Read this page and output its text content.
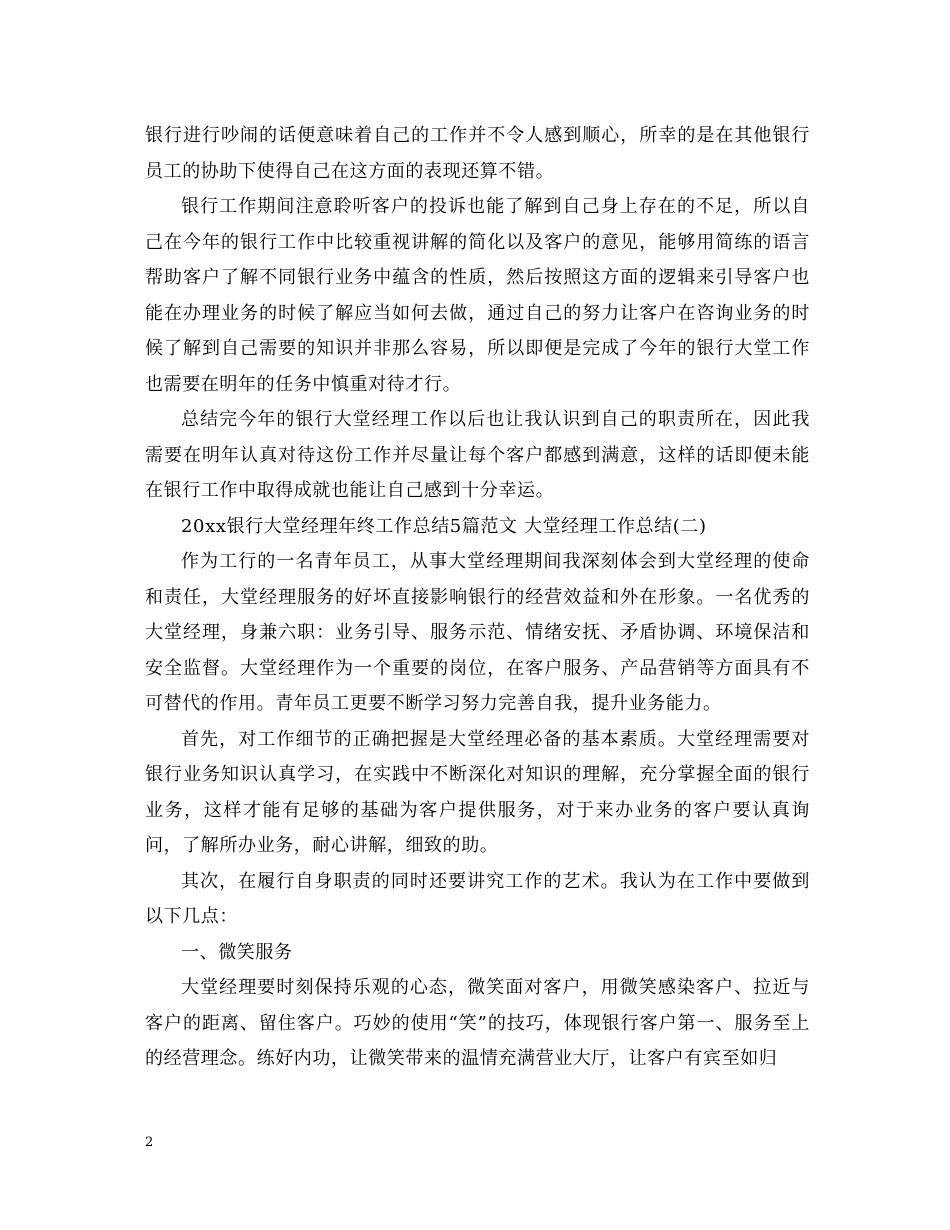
银行进行吵闹的话便意味着自己的工作并不令人感到顺心，所幸的是在其他银行员工的协助下使得自己在这方面的表现还算不错。

银行工作期间注意聆听客户的投诉也能了解到自己身上存在的不足，所以自己在今年的银行工作中比较重视讲解的简化以及客户的意见，能够用简练的语言帮助客户了解不同银行业务中蕴含的性质，然后按照这方面的逻辑来引导客户也能在办理业务的时候了解应当如何去做，通过自己的努力让客户在咨询业务的时候了解到自己需要的知识并非那么容易，所以即便是完成了今年的银行大堂工作也需要在明年的任务中慎重对待才行。

总结完今年的银行大堂经理工作以后也让我认识到自己的职责所在，因此我需要在明年认真对待这份工作并尽量让每个客户都感到满意，这样的话即便未能在银行工作中取得成就也能让自己感到十分幸运。

20xx银行大堂经理年终工作总结5篇范文 大堂经理工作总结(二)

作为工行的一名青年员工，从事大堂经理期间我深刻体会到大堂经理的使命和责任，大堂经理服务的好坏直接影响银行的经营效益和外在形象。一名优秀的大堂经理，身兼六职：业务引导、服务示范、情绪安抚、矛盾协调、环境保洁和安全监督。大堂经理作为一个重要的岗位，在客户服务、产品营销等方面具有不可替代的作用。青年员工更要不断学习努力完善自我，提升业务能力。

首先，对工作细节的正确把握是大堂经理必备的基本素质。大堂经理需要对银行业务知识认真学习，在实践中不断深化对知识的理解，充分掌握全面的银行业务，这样才能有足够的基础为客户提供服务，对于来办业务的客户要认真询问，了解所办业务，耐心讲解，细致的助。

其次，在履行自身职责的同时还要讲究工作的艺术。我认为在工作中要做到以下几点：

一、微笑服务

大堂经理要时刻保持乐观的心态，微笑面对客户，用微笑感染客户、拉近与客户的距离、留住客户。巧妙的使用“笑”的技巧，体现银行客户第一、服务至上的经营理念。练好内功，让微笑带来的温情充满营业大厅，让客户有宾至如归

2
